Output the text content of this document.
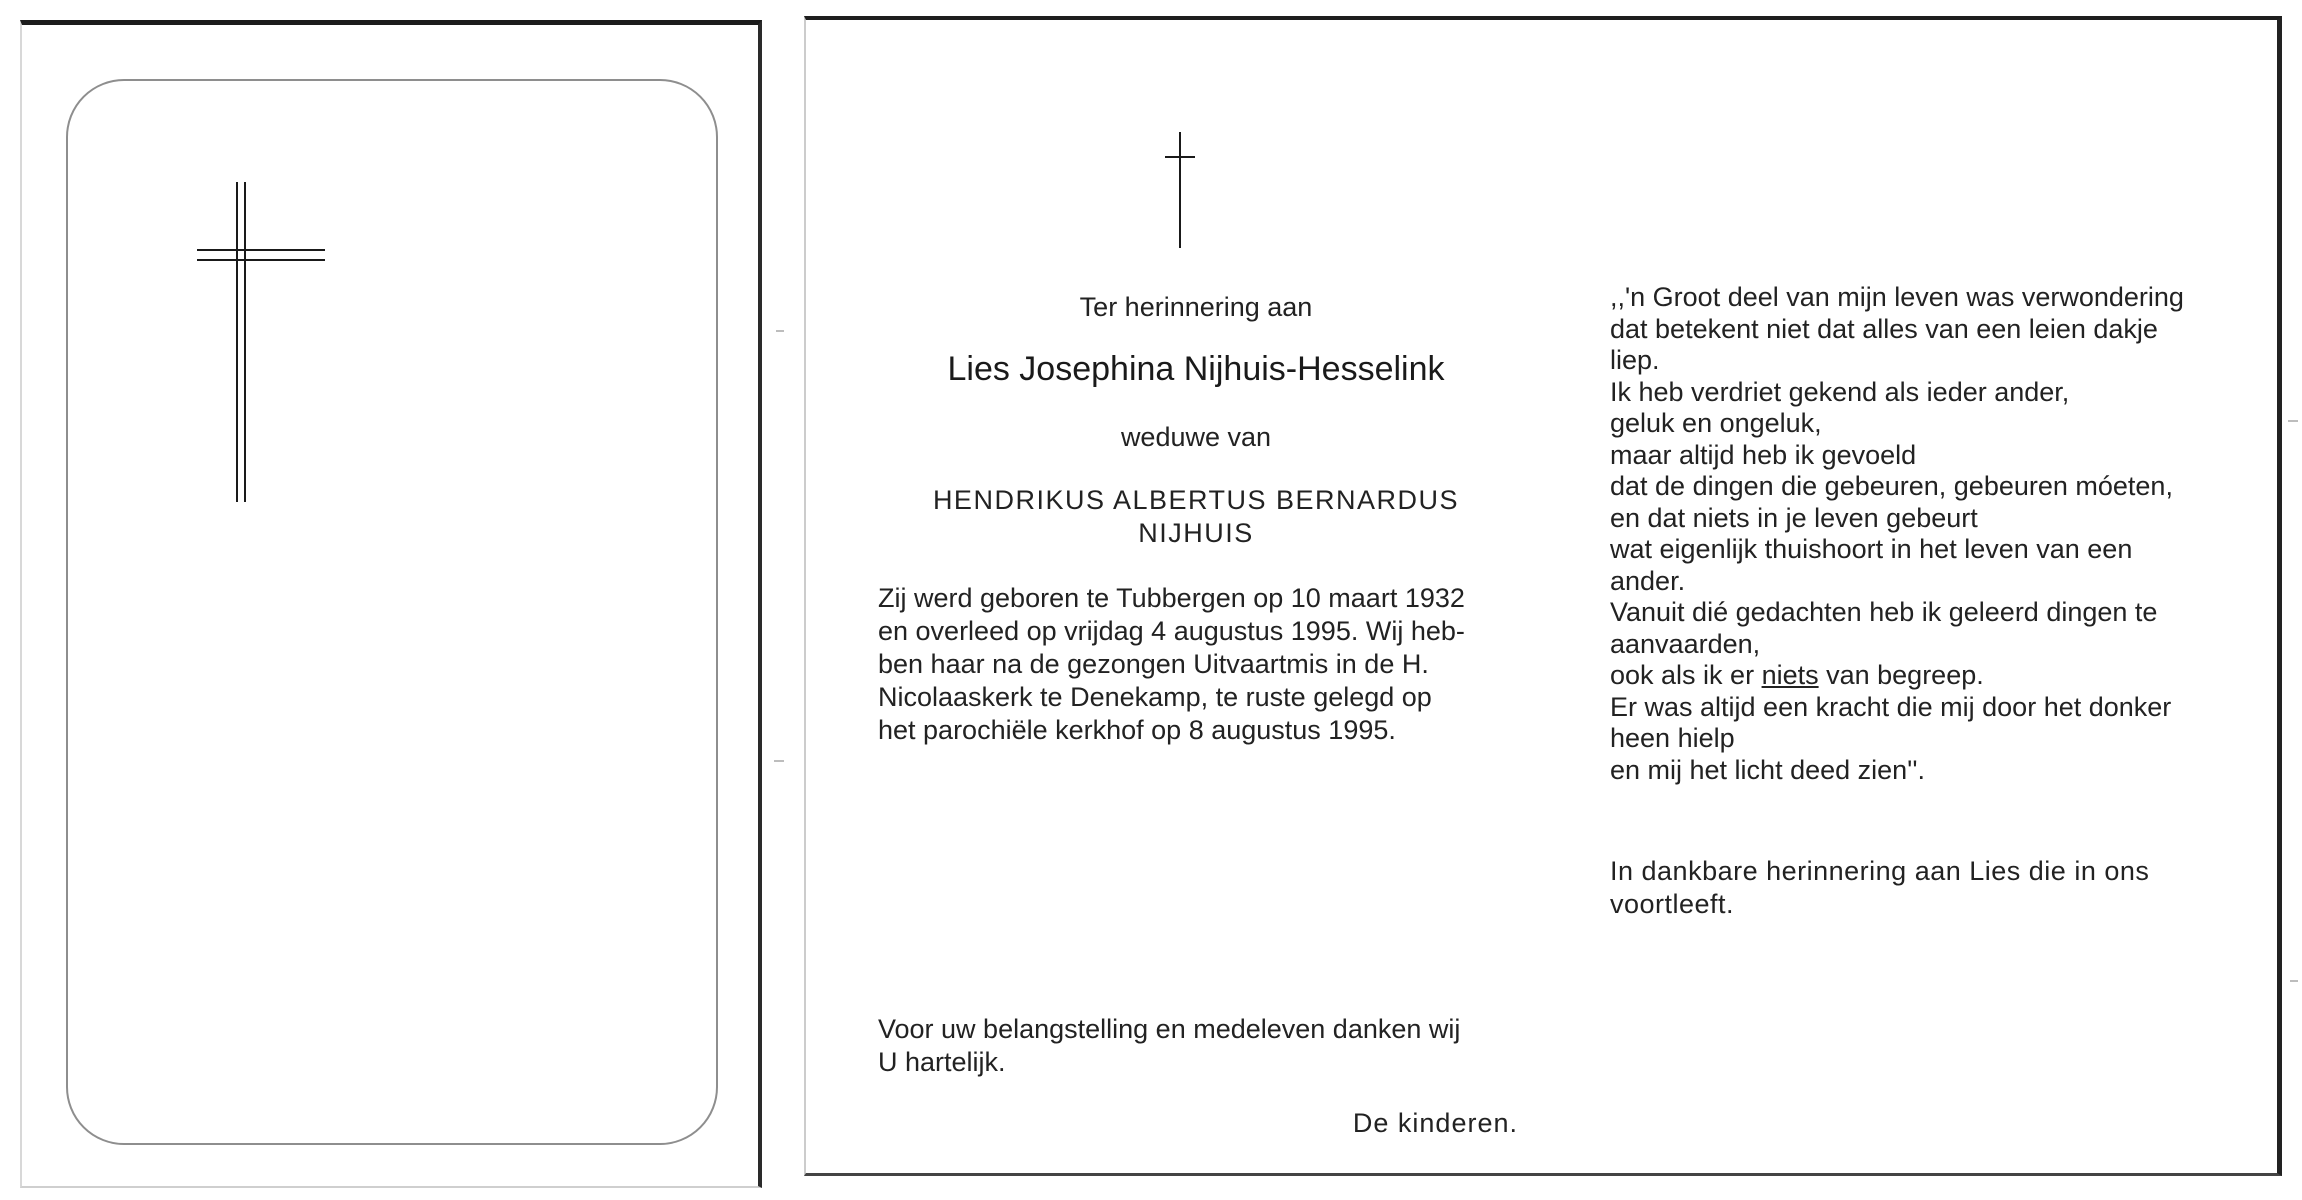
Ter herinnering aan
Lies Josephina Nijhuis-Hesselink
weduwe van
HENDRIKUS ALBERTUS BERNARDUS
NIJHUIS
Zij werd geboren te Tubbergen op 10 maart 1932
en overleed op vrijdag 4 augustus 1995. Wij heb-
ben haar na de gezongen Uitvaartmis in de H.
Nicolaaskerk te Denekamp, te ruste gelegd op
het parochiële kerkhof op 8 augustus 1995.
Voor uw belangstelling en medeleven danken wij
U hartelijk.
De kinderen.
,,'n Groot deel van mijn leven was verwondering
dat betekent niet dat alles van een leien dakje
liep.
Ik heb verdriet gekend als ieder ander,
geluk en ongeluk,
maar altijd heb ik gevoeld
dat de dingen die gebeuren, gebeuren móeten,
en dat niets in je leven gebeurt
wat eigenlijk thuishoort in het leven van een
ander.
Vanuit dié gedachten heb ik geleerd dingen te
aanvaarden,
ook als ik er niets van begreep.
Er was altijd een kracht die mij door het donker
heen hielp
en mij het licht deed zien''.
In dankbare herinnering aan Lies die in ons
voortleeft.
